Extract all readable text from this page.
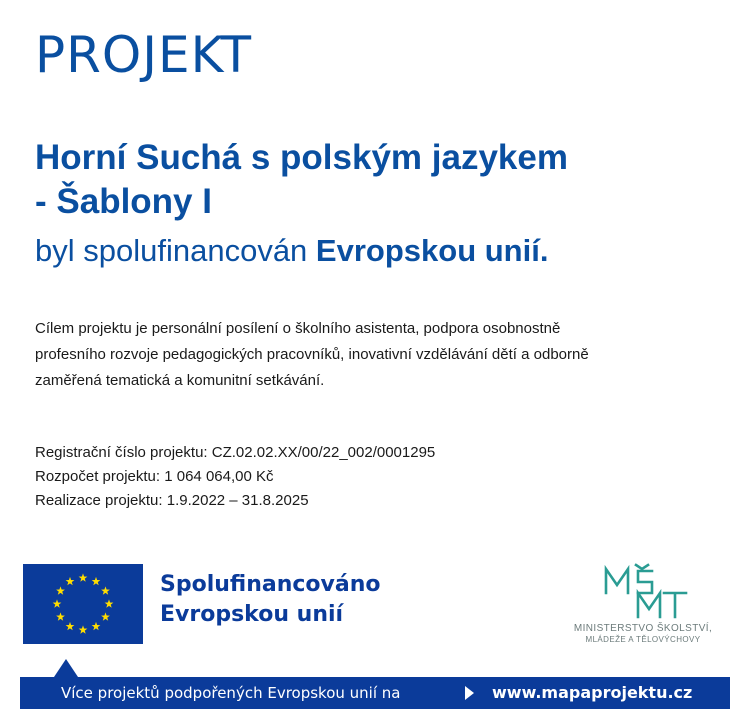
PROJEKT
Horní Suchá s polským jazykem
- Šablony I
byl spolufinancován Evropskou unií.
Cílem projektu je personální posílení o školního asistenta, podpora osobnostně
profesního rozvoje pedagogických pracovníků, inovativní vzdělávání dětí a odborně
zaměřená tematická a komunitní setkávání.
Registrační číslo projektu: CZ.02.02.XX/00/22_002/0001295
Rozpočet projektu: 1 064 064,00 Kč
Realizace projektu: 1.9.2022 – 31.8.2025
Spolufinancováno
Evropskou unií
MINISTERSTVO ŠKOLSTVÍ,
MLÁDEŽE A TĚLOVÝCHOVY
Více projektů podpořených Evropskou unií na	www.mapaprojektu.cz
